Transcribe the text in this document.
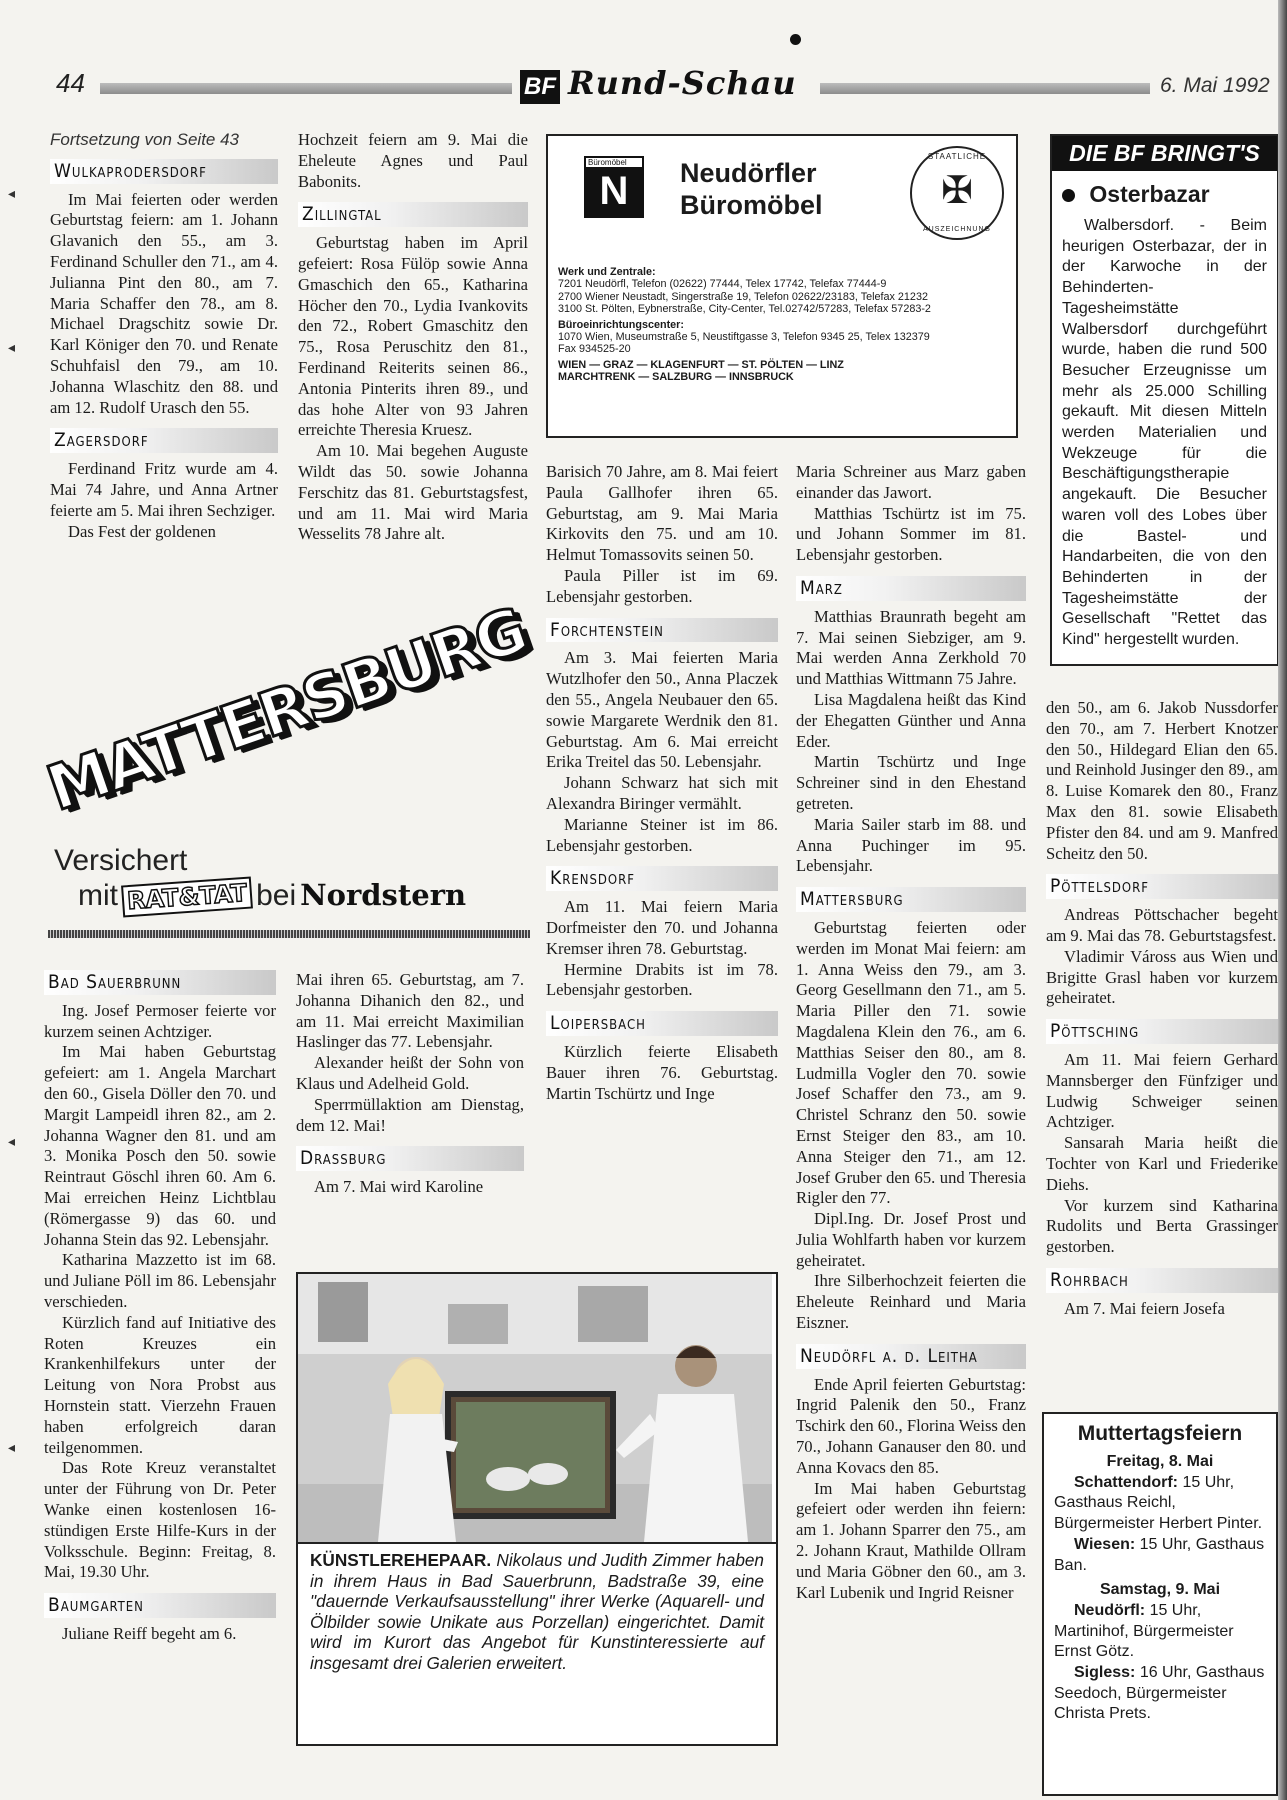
44	BF Rund-Schau	6. Mai 1992
Fortsetzung von Seite 43
Wulkaprodersdorf

Im Mai feierten oder werden Geburtstag feiern: am 1. Johann Glavanich den 55., am 3. Ferdinand Schuller den 71., am 4. Julianna Pint den 80., am 7. Maria Schaffer den 78., am 8. Michael Dragschitz sowie Dr. Karl Königer den 70. und Renate Schuhfaisl den 79., am 10. Johanna Wlaschitz den 88. und am 12. Rudolf Urasch den 55.

Zagersdorf

Ferdinand Fritz wurde am 4. Mai 74 Jahre, und Anna Artner feierte am 5. Mai ihren Sechziger.

Das Fest der goldenen

Hochzeit feiern am 9. Mai die Eheleute Agnes und Paul Babonits.

Zillingtal

Geburtstag haben im April gefeiert: Rosa Fülöp sowie Anna Gmaschich den 65., Katharina Höcher den 70., Lydia Ivankovits den 72., Robert Gmaschitz den 75., Rosa Peruschitz den 81., Ferdinand Reiterits seinen 86., Antonia Pinterits ihren 89., und das hohe Alter von 93 Jahren erreichte Theresia Kruesz.

Am 10. Mai begehen Auguste Wildt das 50. sowie Johanna Ferschitz das 81. Geburtstagsfest, und am 11. Mai wird Maria Wesselits 78 Jahre alt.

Büromöbel
N	Neudörfler
Büromöbel
STAATLICHE
✠
AUSZEICHNUNG
Werk und Zentrale:
7201 Neudörfl, Telefon (02622) 77444, Telex 17742, Telefax 77444-9
2700 Wiener Neustadt, Singerstraße 19, Telefon 02622/23183, Telefax 21232
3100 St. Pölten, Eybnerstraße, City-Center, Tel.02742/57283, Telefax 57283-2
Büroeinrichtungscenter:
1070 Wien, Museumstraße 5, Neustiftgasse 3, Telefon 9345 25, Telex 132379
Fax 934525-20
WIEN — GRAZ — KLAGENFURT — ST. PÖLTEN — LINZ
MARCHTRENK — SALZBURG — INNSBRUCK
DIE BF BRINGT'S
Osterbazar
Walbersdorf. - Beim heurigen Osterbazar, der in der Karwoche in der Behinderten-Tagesheimstätte Walbersdorf durchgeführt wurde, haben die rund 500 Besucher Erzeugnisse um mehr als 25.000 Schilling gekauft. Mit diesen Mitteln werden Materialien und Wekzeuge für die Beschäftigungstherapie angekauft. Die Besucher waren voll des Lobes über die Bastel- und Handarbeiten, die von den Behinderten in der Tagesheimstätte der Gesellschaft "Rettet das Kind" hergestellt wurden.

Barisich 70 Jahre, am 8. Mai feiert Paula Gallhofer ihren 65. Geburtstag, am 9. Mai Maria Kirkovits den 75. und am 10. Helmut Tomassovits seinen 50.

Paula Piller ist im 69. Lebensjahr gestorben.

Forchtenstein

Am 3. Mai feierten Maria Wutzlhofer den 50., Anna Placzek den 55., Angela Neubauer den 65. sowie Margarete Werdnik den 81. Geburtstag. Am 6. Mai erreicht Erika Treitel das 50. Lebensjahr.

Johann Schwarz hat sich mit Alexandra Biringer vermählt.

Marianne Steiner ist im 86. Lebensjahr gestorben.

Krensdorf

Am 11. Mai feiern Maria Dorfmeister den 70. und Johanna Kremser ihren 78. Geburtstag.

Hermine Drabits ist im 78. Lebensjahr gestorben.

Loipersbach

Kürzlich feierte Elisabeth Bauer ihren 76. Geburtstag. Martin Tschürtz und Inge

Maria Schreiner aus Marz gaben einander das Jawort.

Matthias Tschürtz ist im 75. und Johann Sommer im 81. Lebensjahr gestorben.

Marz

Matthias Braunrath begeht am 7. Mai seinen Siebziger, am 9. Mai werden Anna Zerkhold 70 und Matthias Wittmann 75 Jahre.

Lisa Magdalena heißt das Kind der Ehegatten Günther und Anna Eder.

Martin Tschürtz und Inge Schreiner sind in den Ehestand getreten.

Maria Sailer starb im 88. und Anna Puchinger im 95. Lebensjahr.

Mattersburg

Geburtstag feierten oder werden im Monat Mai feiern: am 1. Anna Weiss den 79., am 3. Georg Gesellmann den 71., am 5. Maria Piller den 71. sowie Magdalena Klein den 76., am 6. Matthias Seiser den 80., am 8. Ludmilla Vogler den 70. sowie Josef Schaffer den 73., am 9. Christel Schranz den 50. sowie Ernst Steiger den 83., am 10. Anna Steiger den 71., am 12. Josef Gruber den 65. und Theresia Rigler den 77.

Dipl.Ing. Dr. Josef Prost und Julia Wohlfarth haben vor kurzem geheiratet.

Ihre Silberhochzeit feierten die Eheleute Reinhard und Maria Eiszner.

Neudörfl a. d. Leitha

Ende April feierten Geburtstag: Ingrid Palenik den 50., Franz Tschirk den 60., Florina Weiss den 70., Johann Ganauser den 80. und Anna Kovacs den 85.

Im Mai haben Geburtstag gefeiert oder werden ihn feiern: am 1. Johann Sparrer den 75., am 2. Johann Kraut, Mathilde Ollram und Maria Göbner den 60., am 3. Karl Lubenik und Ingrid Reisner

den 50., am 6. Jakob Nussdorfer den 70., am 7. Herbert Knotzer den 50., Hildegard Elian den 65. und Reinhold Jusinger den 89., am 8. Luise Komarek den 80., Franz Max den 81. sowie Elisabeth Pfister den 84. und am 9. Manfred Scheitz den 50.

Pöttelsdorf

Andreas Pöttschacher begeht am 9. Mai das 78. Geburtstagsfest.

Vladimir Váross aus Wien und Brigitte Grasl haben vor kurzem geheiratet.

Pöttsching

Am 11. Mai feiern Gerhard Mannsberger den Fünfziger und Ludwig Schweiger seinen Achtziger.

Sansarah Maria heißt die Tochter von Karl und Friederike Diehs.

Vor kurzem sind Katharina Rudolits und Berta Grassinger gestorben.

Rohrbach

Am 7. Mai feiern Josefa

Muttertagsfeiern
Freitag, 8. Mai
Schattendorf: 15 Uhr, Gasthaus Reichl, Bürgermeister Herbert Pinter.
Wiesen: 15 Uhr, Gasthaus Ban.
Samstag, 9. Mai
Neudörfl: 15 Uhr, Martinihof, Bürgermeister Ernst Götz.
Sigless: 16 Uhr, Gasthaus Seedoch, Bürgermeister Christa Prets.
MATTERSBURG
Versichert
mit RAT&TAT bei Nordstern
Bad Sauerbrunn

Ing. Josef Permoser feierte vor kurzem seinen Achtziger.

Im Mai haben Geburtstag gefeiert: am 1. Angela Marchart den 60., Gisela Döller den 70. und Margit Lampeidl ihren 82., am 2. Johanna Wagner den 81. und am 3. Monika Posch den 50. sowie Reintraut Göschl ihren 60. Am 6. Mai erreichen Heinz Lichtblau (Römergasse 9) das 60. und Johanna Stein das 92. Lebensjahr.

Katharina Mazzetto ist im 68. und Juliane Pöll im 86. Lebensjahr verschieden.

Kürzlich fand auf Initiative des Roten Kreuzes ein Krankenhilfekurs unter der Leitung von Nora Probst aus Hornstein statt. Vierzehn Frauen haben erfolgreich daran teilgenommen.

Das Rote Kreuz veranstaltet unter der Führung von Dr. Peter Wanke einen kostenlosen 16-stündigen Erste Hilfe-Kurs in der Volksschule. Beginn: Freitag, 8. Mai, 19.30 Uhr.

Baumgarten

Juliane Reiff begeht am 6.

Mai ihren 65. Geburtstag, am 7. Johanna Dihanich den 82., und am 11. Mai erreicht Maximilian Haslinger das 77. Lebensjahr.

Alexander heißt der Sohn von Klaus und Adelheid Gold.

Sperrmüllaktion am Dienstag, dem 12. Mai!

Drassburg

Am 7. Mai wird Karoline

KÜNSTLEREHEPAAR. Nikolaus und Judith Zimmer haben in ihrem Haus in Bad Sauerbrunn, Badstraße 39, eine "dauernde Verkaufsausstellung" ihrer Werke (Aquarell- und Ölbilder sowie Unikate aus Porzellan) eingerichtet. Damit wird im Kurort das Angebot für Kunstinteressierte auf insgesamt drei Galerien erweitert.
◂
◂
◂
◂
